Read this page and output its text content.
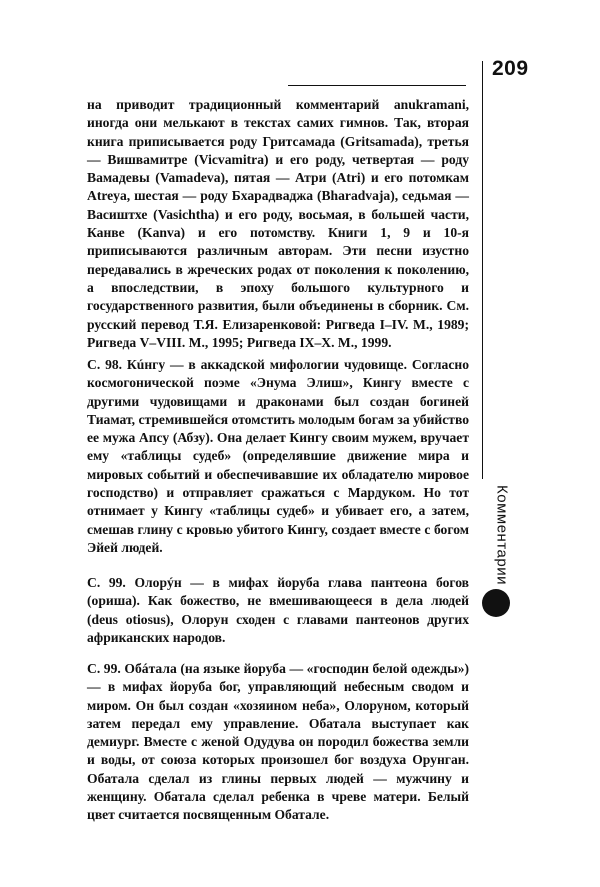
209
Комментарии

на приводит традиционный комментарий anukramani, иногда они мелькают в текстах самих гимнов. Так, вторая книга приписывается роду Гритсамада (Gritsamada), третья — Вишвамитре (Vicvamitra) и его роду, четвертая — роду Вамадевы (Vamadeva), пятая — Атри (Atri) и его потомкам Atreya, шестая — роду Бхарадваджа (Bharadvaja), седьмая — Васиштхе (Vasichtha) и его роду, восьмая, в большей части, Канве (Kanva) и его потомству. Книги 1, 9 и 10-я приписываются различным авторам. Эти песни изустно передавались в жреческих родах от поколения к поколению, а впоследствии, в эпоху большого культурного и государственного развития, были объединены в сборник. См. русский перевод Т.Я. Елизаренковой: Ригведа I–IV. М., 1989; Ригведа V–VIII. М., 1995; Ригведа IX–X. М., 1999.

С. 98. Кúнгу — в аккадской мифологии чудовище. Согласно космогонической поэме «Энума Элиш», Кингу вместе с другими чудовищами и драконами был создан богиней Тиамат, стремившейся отомстить молодым богам за убийство ее мужа Апсу (Абзу). Она делает Кингу своим мужем, вручает ему «таблицы судеб» (определявшие движение мира и мировых событий и обеспечивавшие их обладателю мировое господство) и отправляет сражаться с Мардуком. Но тот отнимает у Кингу «таблицы судеб» и убивает его, а затем, смешав глину с кровью убитого Кингу, создает вместе с богом Эйей людей.

С. 99. Олорýн — в мифах йоруба глава пантеона богов (ориша). Как божество, не вмешивающееся в дела людей (deus otiosus), Олорун сходен с главами пантеонов других африканских народов.

С. 99. Обáтала (на языке йоруба — «господин белой одежды») — в мифах йоруба бог, управляющий небесным сводом и миром. Он был создан «хозяином неба», Олоруном, который затем передал ему управление. Обатала выступает как демиург. Вместе с женой Одудува он породил божества земли и воды, от союза которых произошел бог воздуха Орунган. Обатала сделал из глины первых людей — мужчину и женщину. Обатала сделал ребенка в чреве матери. Белый цвет считается посвященным Обатале.
